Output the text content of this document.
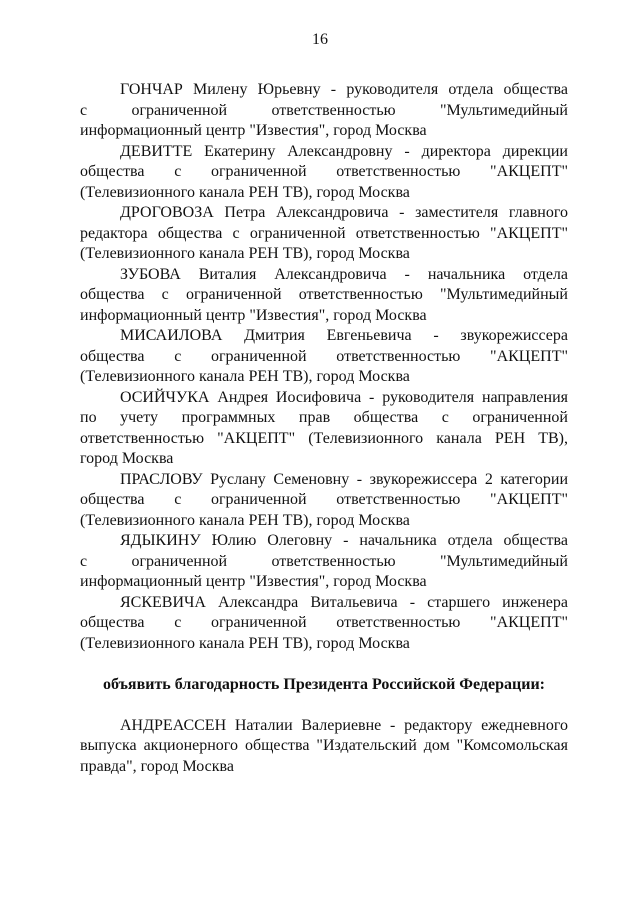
16
ГОНЧАР Милену Юрьевну - руководителя отдела общества
с ограниченной ответственностью "Мультимедийный
информационный центр "Известия", город Москва
ДЕВИТТЕ Екатерину Александровну - директора дирекции
общества с ограниченной ответственностью "АКЦЕПТ"
(Телевизионного канала РЕН ТВ), город Москва
ДРОГОВОЗА Петра Александровича - заместителя главного
редактора общества с ограниченной ответственностью "АКЦЕПТ"
(Телевизионного канала РЕН ТВ), город Москва
ЗУБОВА Виталия Александровича - начальника отдела
общества с ограниченной ответственностью "Мультимедийный
информационный центр "Известия", город Москва
МИСАИЛОВА Дмитрия Евгеньевича - звукорежиссера
общества с ограниченной ответственностью "АКЦЕПТ"
(Телевизионного канала РЕН ТВ), город Москва
ОСИЙЧУКА Андрея Иосифовича - руководителя направления
по учету программных прав общества с ограниченной
ответственностью "АКЦЕПТ" (Телевизионного канала РЕН ТВ),
город Москва
ПРАСЛОВУ Руслану Семеновну - звукорежиссера 2 категории
общества с ограниченной ответственностью "АКЦЕПТ"
(Телевизионного канала РЕН ТВ), город Москва
ЯДЫКИНУ Юлию Олеговну - начальника отдела общества
с ограниченной ответственностью "Мультимедийный
информационный центр "Известия", город Москва
ЯСКЕВИЧА Александра Витальевича - старшего инженера
общества с ограниченной ответственностью "АКЦЕПТ"
(Телевизионного канала РЕН ТВ), город Москва
объявить благодарность Президента Российской Федерации:
АНДРЕАССЕН Наталии Валериевне - редактору ежедневного
выпуска акционерного общества "Издательский дом "Комсомольская
правда", город Москва
